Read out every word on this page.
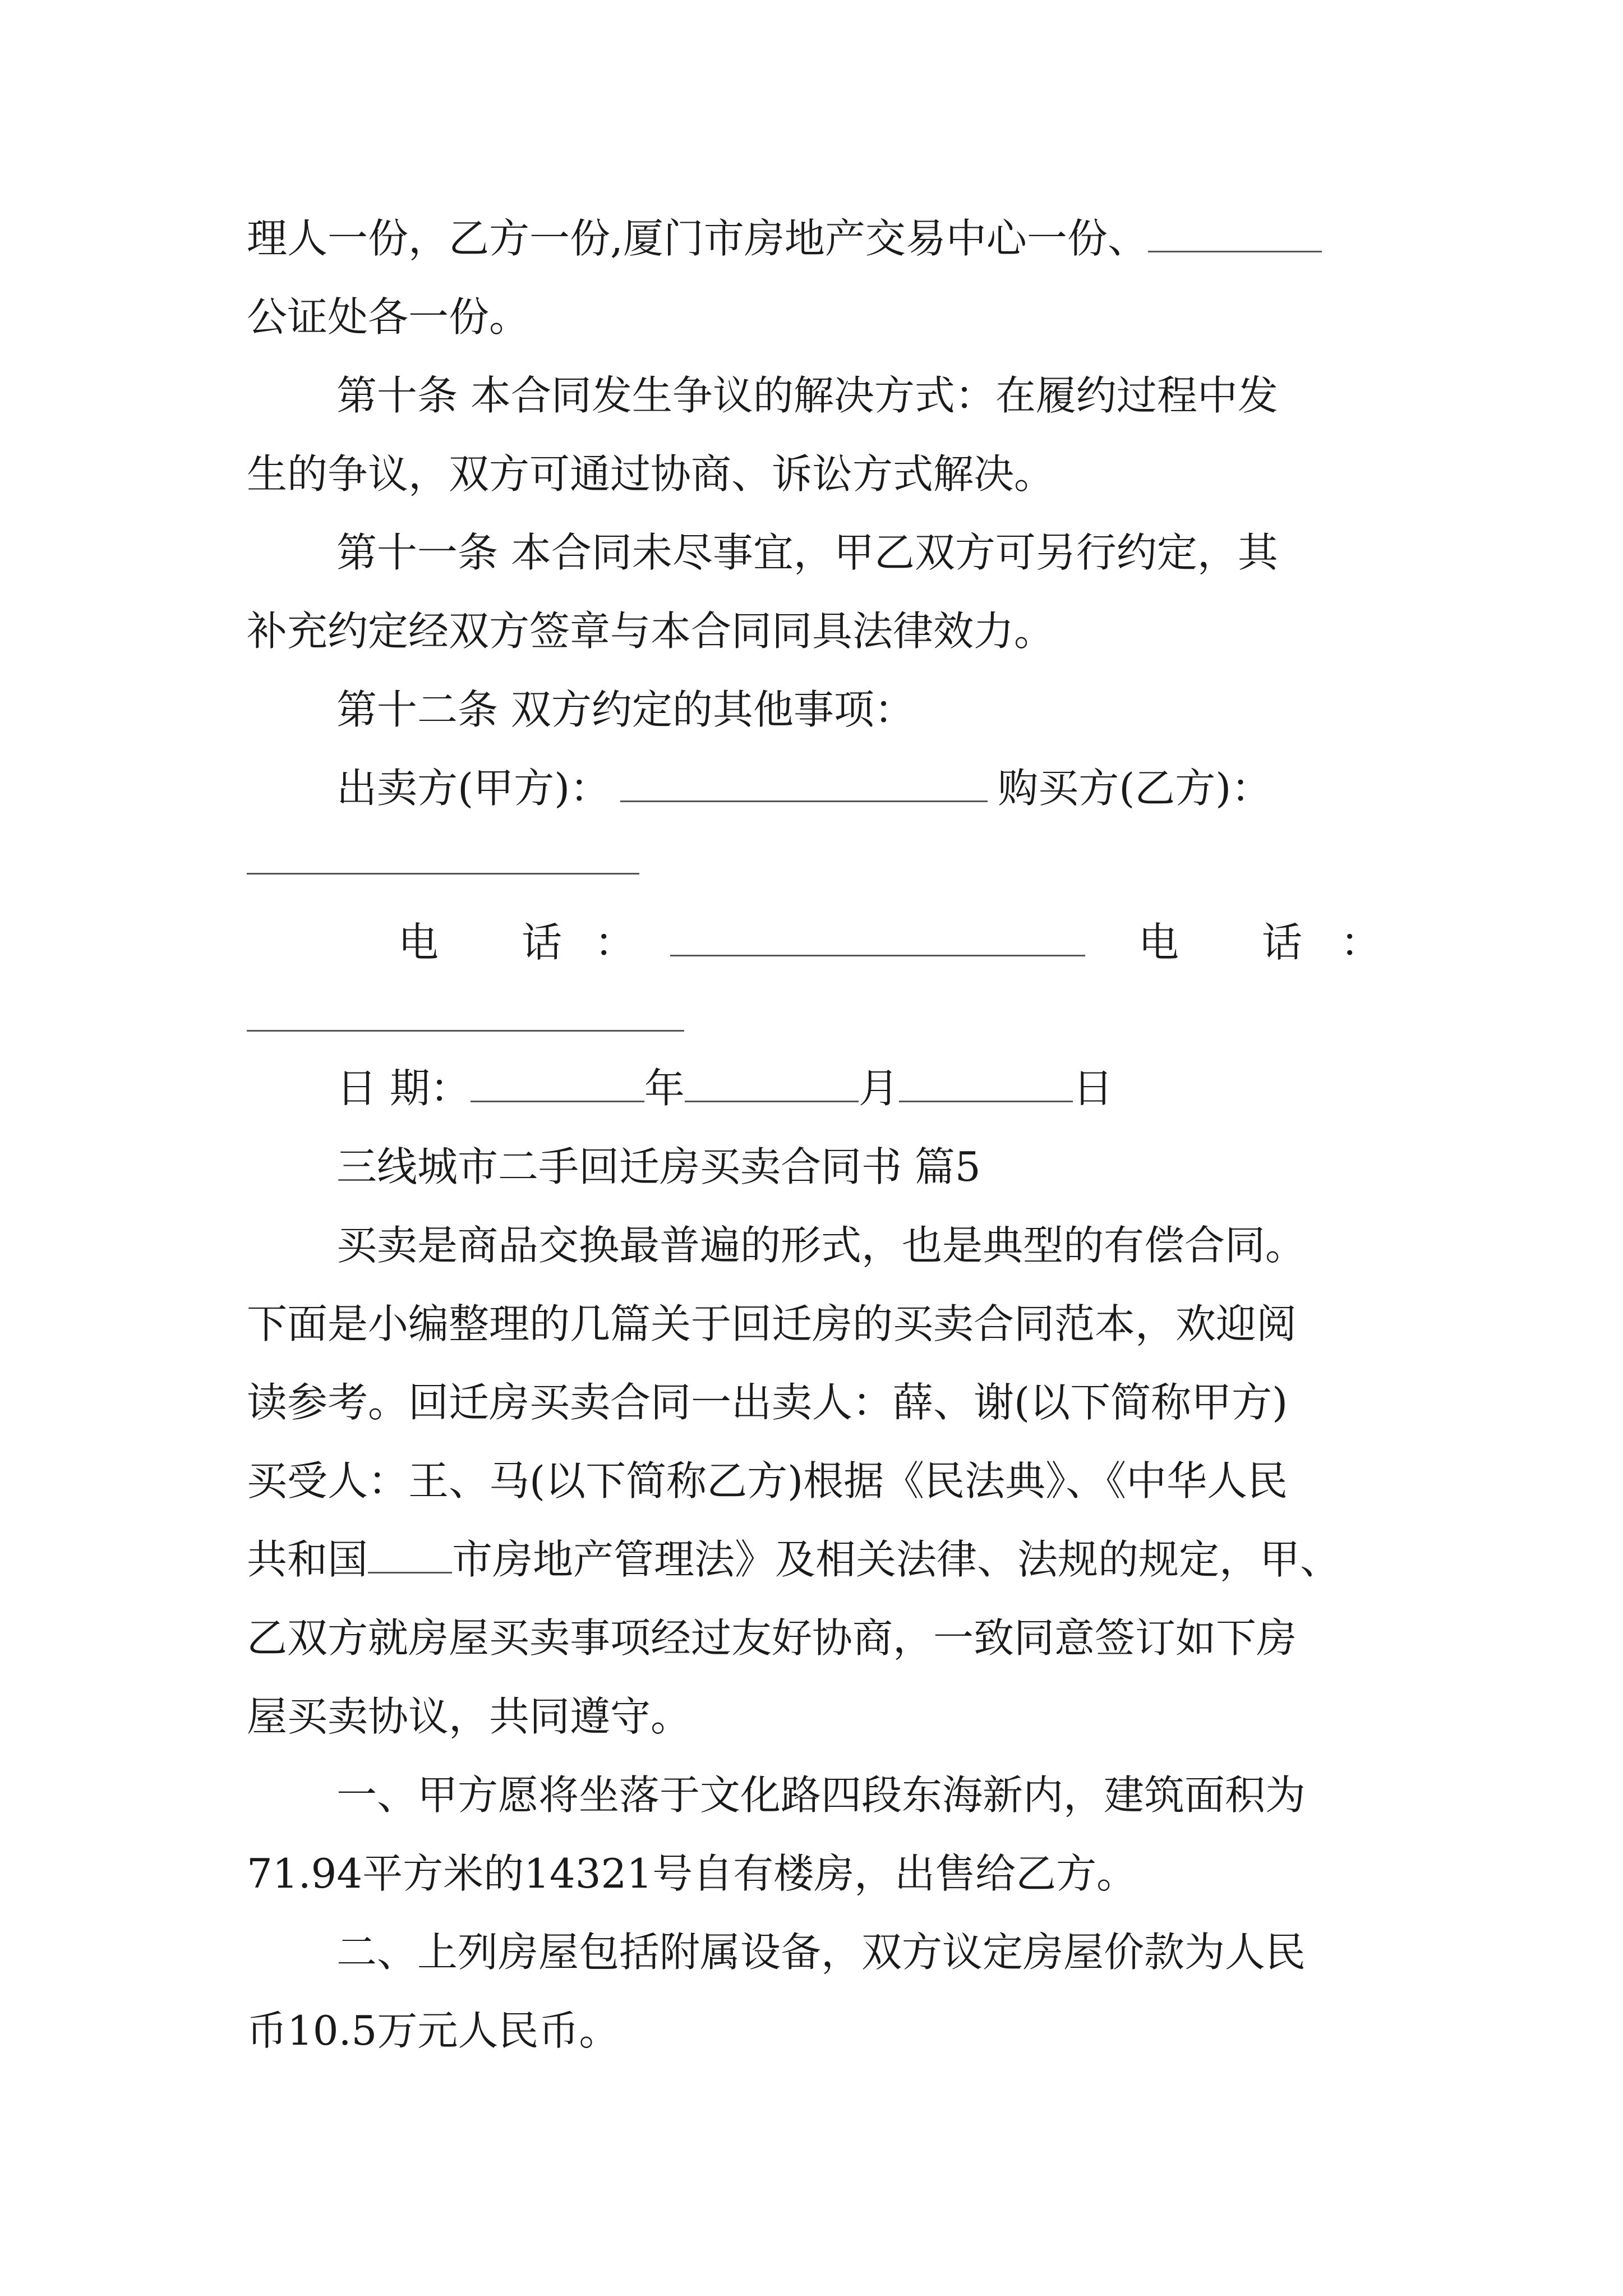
理人一份，乙方一份,厦门市房地产交易中心一份、

公证处各一份。

第十条 本合同发生争议的解决方式：在履约过程中发

生的争议，双方可通过协商、诉讼方式解决。

第十一条 本合同未尽事宜，甲乙双方可另行约定，其

补充约定经双方签章与本合同同具法律效力。

第十二条 双方约定的其他事项：

出卖方(甲方)：	购买方(乙方)：

电 话 ：	电 话 ：

日 期：	年	月	日

三线城市二手回迁房买卖合同书 篇5

买卖是商品交换最普遍的形式，也是典型的有偿合同。

下面是小编整理的几篇关于回迁房的买卖合同范本，欢迎阅

读参考。回迁房买卖合同一出卖人：薛、谢(以下简称甲方)

买受人：王、马(以下简称乙方)根据《民法典》、《中华人民

共和国 市房地产管理法》及相关法律、法规的规定，甲、

乙双方就房屋买卖事项经过友好协商，一致同意签订如下房

屋买卖协议，共同遵守。

一、甲方愿将坐落于文化路四段东海新内，建筑面积为

71.94平方米的14321号自有楼房，出售给乙方。

二、上列房屋包括附属设备，双方议定房屋价款为人民

币10.5万元人民币。
